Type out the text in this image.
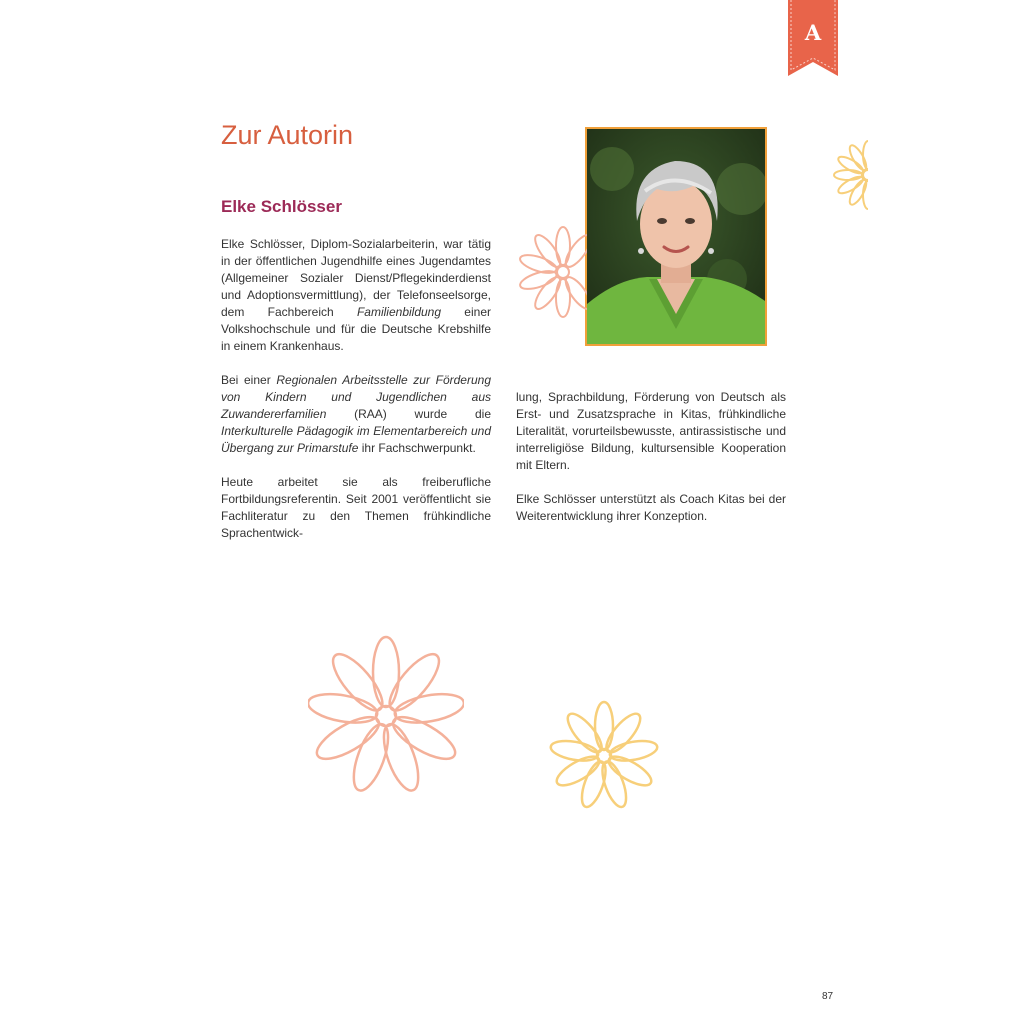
A
Zur Autorin
Elke Schlösser

Elke Schlösser, Diplom-Sozialarbeiterin, war tätig in der öffentlichen Jugendhilfe eines Jugendamtes (Allgemeiner Sozialer Dienst/Pflegekinderdienst und Adoptionsvermittlung), der Telefonseelsorge, dem Fachbereich Familienbildung einer Volkshochschule und für die Deutsche Krebshilfe in einem Krankenhaus.

Bei einer Regionalen Arbeitsstelle zur Förderung von Kindern und Jugendlichen aus Zuwandererfamilien (RAA) wurde die Interkulturelle Pädagogik im Elementarbereich und Übergang zur Primarstufe ihr Fachschwerpunkt.

Heute arbeitet sie als freiberufliche Fortbildungsreferentin. Seit 2001 veröffentlicht sie Fachliteratur zu den Themen frühkindliche Sprachentwick-

lung, Sprachbildung, Förderung von Deutsch als Erst- und Zusatzsprache in Kitas, frühkindliche Literalität, vorurteilsbewusste, antirassistische und interreligiöse Bildung, kultursensible Kooperation mit Eltern.

Elke Schlösser unterstützt als Coach Kitas bei der Weiterentwicklung ihrer Konzeption.

87
